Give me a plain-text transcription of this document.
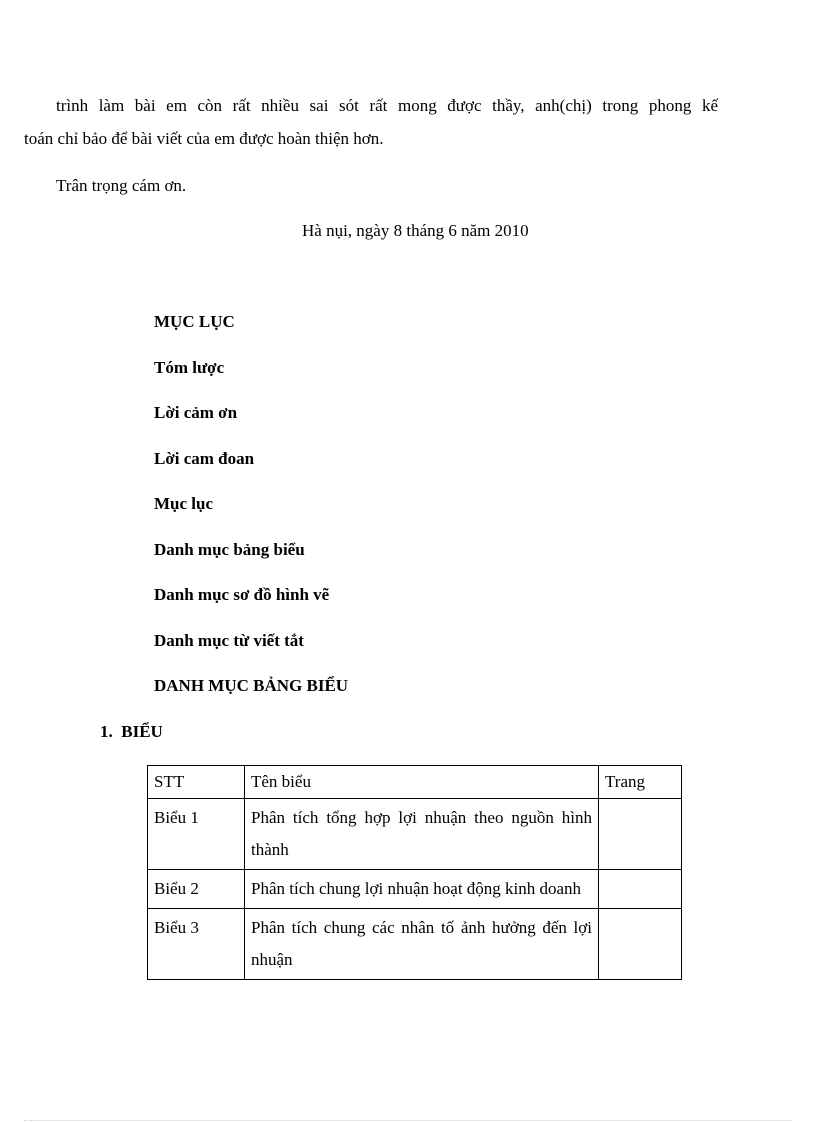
trình làm bài em còn rất nhiều sai sót rất mong được thầy, anh(chị) trong phong kế
toán chỉ bảo để bài viết của em được hoàn thiện hơn.
Trân trọng cám ơn.
Hà nụi, ngày 8 tháng 6 năm 2010
MỤC LỤC
Tóm lược
Lời cảm ơn
Lời cam đoan
Mục lục
Danh mục bảng biểu
Danh mục sơ đồ hình vẽ
Danh mục từ viết tắt
DANH MỤC BẢNG BIỂU
1. BIỂU
STT	Tên biểu	Trang
Biểu 1	Phân tích tổng hợp lợi nhuận theo nguồn hình thành	
Biểu 2	Phân tích chung lợi nhuận hoạt động kinh doanh	
Biểu 3	Phân tích chung các nhân tố ảnh hưởng đến lợi nhuận	
